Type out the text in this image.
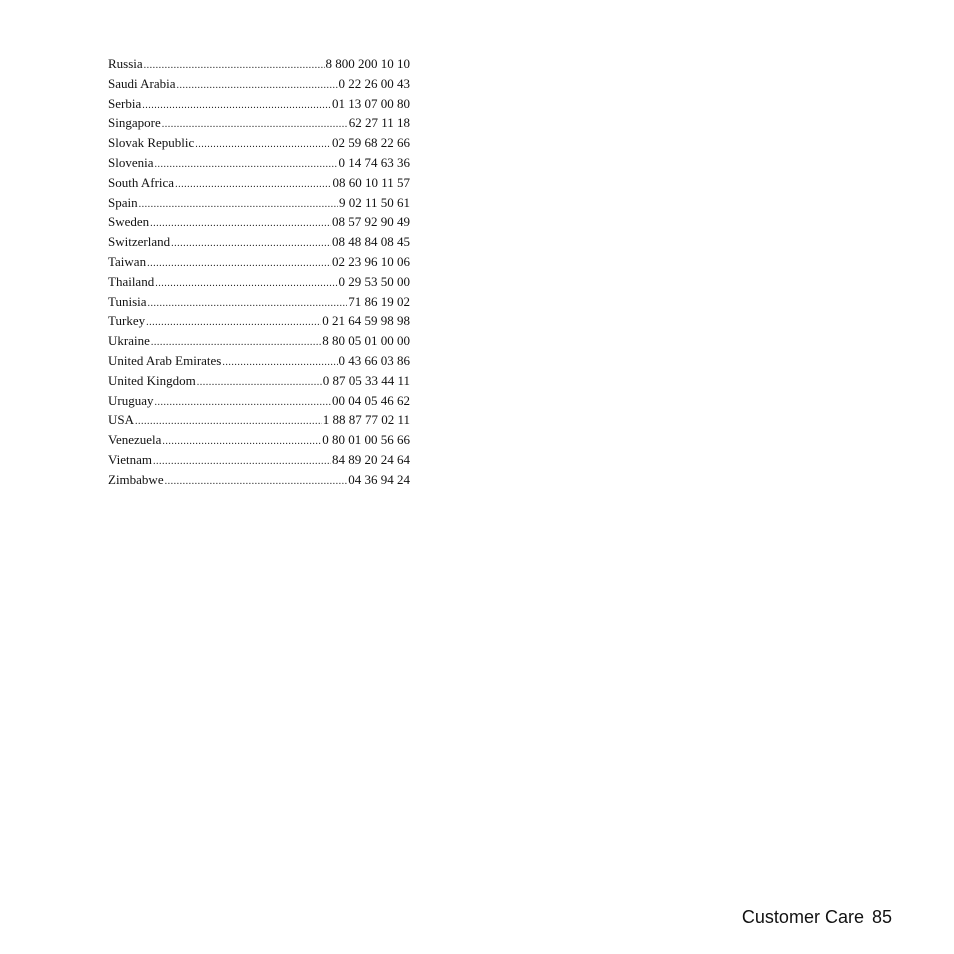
Russia .....	8 800 200 10 10
Saudi Arabia .....	0 22 26 00 43
Serbia .....	01 13 07 00 80
Singapore .....	62 27 11 18
Slovak Republic .....	02 59 68 22 66
Slovenia .....	0 14 74 63 36
South Africa .....	08 60 10 11 57
Spain .....	9 02 11 50 61
Sweden .....	08 57 92 90 49
Switzerland .....	08 48 84 08 45
Taiwan .....	02 23 96 10 06
Thailand .....	0 29 53 50 00
Tunisia .....	71 86 19 02
Turkey .....	0 21 64 59 98 98
Ukraine .....	8 80 05 01 00 00
United Arab Emirates .....	0 43 66 03 86
United Kingdom .....	0 87 05 33 44 11
Uruguay .....	00 04 05 46 62
USA .....	1 88 87 77 02 11
Venezuela .....	0 80 01 00 56 66
Vietnam .....	84 89 20 24 64
Zimbabwe .....	04 36 94 24
Customer Care 85
